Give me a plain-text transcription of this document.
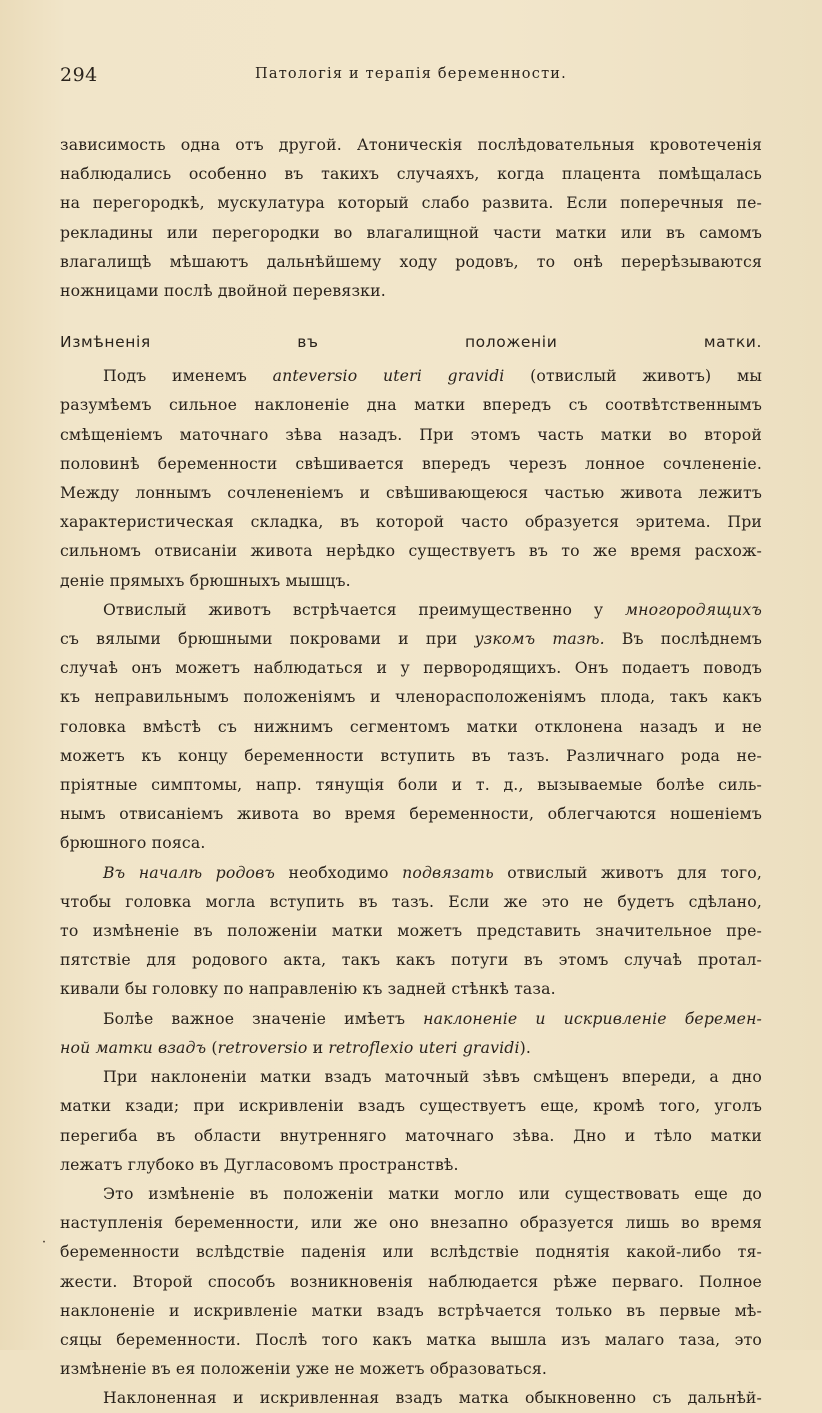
294	Патологія и терапія беременности.
зависимость одна отъ другой. Атоническія послѣдовательныя кровотеченія
наблюдались особенно въ такихъ случаяхъ, когда плацента помѣщалась
на перегородкѣ, мускулатура который слабо развита. Если поперечныя пе-
рекладины или перегородки во влагалищной части матки или въ самомъ
влагалищѣ мѣшаютъ дальнѣйшему ходу родовъ, то онѣ перерѣзываются
ножницами послѣ двойной перевязки.
Измѣненія въ положеніи матки.
Подъ именемъ anteversio uteri gravidi (отвислый животъ) мы
разумѣемъ сильное наклоненіе дна матки впередъ съ соотвѣтственнымъ
смѣщеніемъ маточнаго зѣва назадъ. При этомъ часть матки во второй
половинѣ беременности свѣшивается впередъ черезъ лонное сочлененіе.
Между лоннымъ сочлененіемъ и свѣшивающеюся частью живота лежитъ
характеристическая складка, въ которой часто образуется эритема. При
сильномъ отвисаніи живота нерѣдко существуетъ въ то же время расхож-
деніе прямыхъ брюшныхъ мышцъ.
Отвислый животъ встрѣчается преимущественно у многородящихъ
съ вялыми брюшными покровами и при узкомъ тазѣ. Въ послѣднемъ
случаѣ онъ можетъ наблюдаться и у первородящихъ. Онъ подаетъ поводъ
къ неправильнымъ положеніямъ и членорасположеніямъ плода, такъ какъ
головка вмѣстѣ съ нижнимъ сегментомъ матки отклонена назадъ и не
можетъ къ концу беременности вступить въ тазъ. Различнаго рода не-
пріятные симптомы, напр. тянущія боли и т. д., вызываемые болѣе силь-
нымъ отвисаніемъ живота во время беременности, облегчаются ношеніемъ
брюшного пояса.
Въ началѣ родовъ необходимо подвязать отвислый животъ для того,
чтобы головка могла вступить въ тазъ. Если же это не будетъ сдѣлано,
то измѣненіе въ положеніи матки можетъ представить значительное пре-
пятствіе для родового акта, такъ какъ потуги въ этомъ случаѣ протал-
кивали бы головку по направленію къ задней стѣнкѣ таза.
Болѣе важное значеніе имѣетъ наклоненіе и искривленіе беремен-
ной матки взадъ (retroversio и retroflexio uteri gravidi).
При наклоненіи матки взадъ маточный зѣвъ смѣщенъ впереди, а дно
матки кзади; при искривленіи взадъ существуетъ еще, кромѣ того, уголъ
перегиба въ области внутренняго маточнаго зѣва. Дно и тѣло матки
лежатъ глубоко въ Дугласовомъ пространствѣ.
Это измѣненіе въ положеніи матки могло или существовать еще до
наступленія беременности, или же оно внезапно образуется лишь во время
беременности вслѣдствіе паденія или вслѣдствіе поднятія какой-либо тя-
жести. Второй способъ возникновенія наблюдается рѣже перваго. Полное
наклоненіе и искривленіе матки взадъ встрѣчается только въ первые мѣ-
сяцы беременности. Послѣ того какъ матка вышла изъ малаго таза, это
измѣненіе въ ея положеніи уже не можетъ образоваться.
Наклоненная и искривленная взадъ матка обыкновенно съ дальнѣй-
˙
